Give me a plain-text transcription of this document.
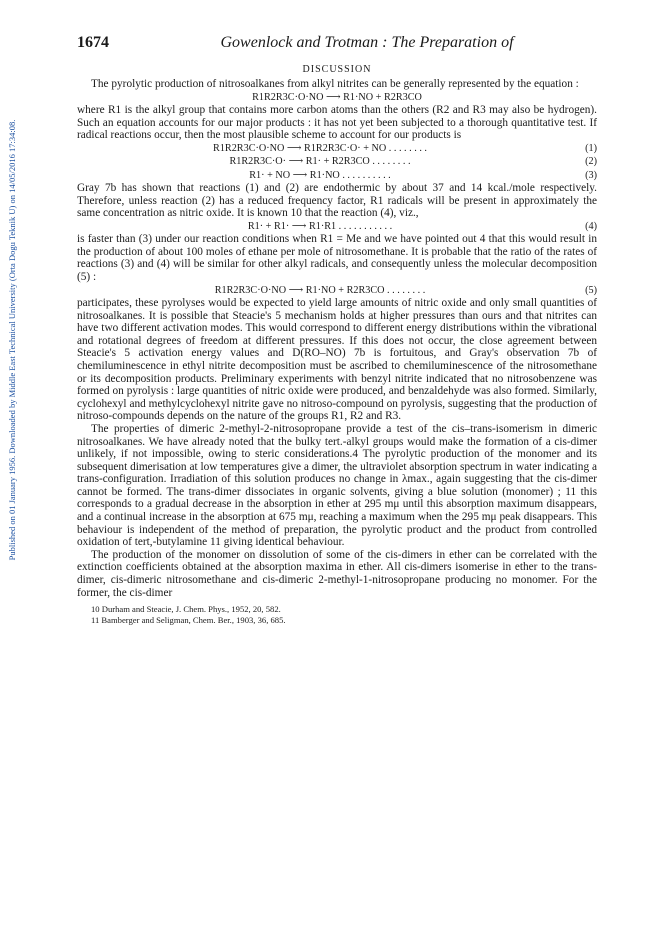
Published on 01 January 1956. Downloaded by Middle East Technical University (Orta Dogu Teknik U) on 14/05/2016 17:34:08.
1674	Gowenlock and Trotman : The Preparation of
DISCUSSION

The pyrolytic production of nitrosoalkanes from alkyl nitrites can be generally represented by the equation :

R1R2R3C·O·NO ⟶ R1·NO + R2R3CO

where R1 is the alkyl group that contains more carbon atoms than the others (R2 and R3 may also be hydrogen). Such an equation accounts for our major products : it has not yet been subjected to a thorough quantitative test. If radical reactions occur, then the most plausible scheme to account for our products is

R1R2R3C·O·NO ⟶ R1R2R3C·O· + NO . . . . . . . .	(1)
R1R2R3C·O· ⟶ R1· + R2R3CO . . . . . . . .	(2)
R1· + NO ⟶ R1·NO . . . . . . . . . .	(3)

Gray 7b has shown that reactions (1) and (2) are endothermic by about 37 and 14 kcal./mole respectively. Therefore, unless reaction (2) has a reduced frequency factor, R1 radicals will be present in approximately the same concentration as nitric oxide. It is known 10 that the reaction (4), viz.,

R1· + R1· ⟶ R1·R1 . . . . . . . . . . .	(4)

is faster than (3) under our reaction conditions when R1 = Me and we have pointed out 4 that this would result in the production of about 100 moles of ethane per mole of nitrosomethane. It is probable that the ratio of the rates of reactions (3) and (4) will be similar for other alkyl radicals, and consequently unless the molecular decomposition (5) :

R1R2R3C·O·NO ⟶ R1·NO + R2R3CO . . . . . . . .	(5)

participates, these pyrolyses would be expected to yield large amounts of nitric oxide and only small quantities of nitrosoalkanes. It is possible that Steacie's 5 mechanism holds at higher pressures than ours and that nitrites can have two different activation modes. This would correspond to different energy distributions within the vibrational and rotational degrees of freedom at different pressures. If this does not occur, the close agreement between Steacie's 5 activation energy values and D(RO–NO) 7b is fortuitous, and Gray's observation 7b of chemiluminescence in ethyl nitrite decomposition must be ascribed to chemiluminescence of the nitrosomethane or its decomposition products. Preliminary experiments with benzyl nitrite indicated that no nitrosobenzene was formed on pyrolysis : large quantities of nitric oxide were produced, and benzaldehyde was also formed. Similarly, cyclohexyl and methylcyclohexyl nitrite gave no nitroso-compound on pyrolysis, suggesting that the production of nitroso-compounds depends on the nature of the groups R1, R2 and R3.

The properties of dimeric 2-methyl-2-nitrosopropane provide a test of the cis–trans-isomerism in dimeric nitrosoalkanes. We have already noted that the bulky tert.-alkyl groups would make the formation of a cis-dimer unlikely, if not impossible, owing to steric considerations.4 The pyrolytic production of the monomer and its subsequent dimerisation at low temperatures give a dimer, the ultraviolet absorption spectrum in water indicating a trans-configuration. Irradiation of this solution produces no change in λmax., again suggesting that the cis-dimer cannot be formed. The trans-dimer dissociates in organic solvents, giving a blue solution (monomer) ; 11 this corresponds to a gradual decrease in the absorption in ether at 295 mμ until this absorption maximum disappears, and a continual increase in the absorption at 675 mμ, reaching a maximum when the 295 mμ peak disappears. This behaviour is independent of the method of preparation, the pyrolytic product and the product from controlled oxidation of tert,-butylamine 11 giving identical behaviour.

The production of the monomer on dissolution of some of the cis-dimers in ether can be correlated with the extinction coefficients obtained at the absorption maxima in ether. All cis-dimers isomerise in ether to the trans-dimer, cis-dimeric nitrosomethane and cis-dimeric 2-methyl-1-nitrosopropane producing no monomer. For the former, the cis-dimer

10 Durham and Steacie, J. Chem. Phys., 1952, 20, 582.
11 Bamberger and Seligman, Chem. Ber., 1903, 36, 685.
